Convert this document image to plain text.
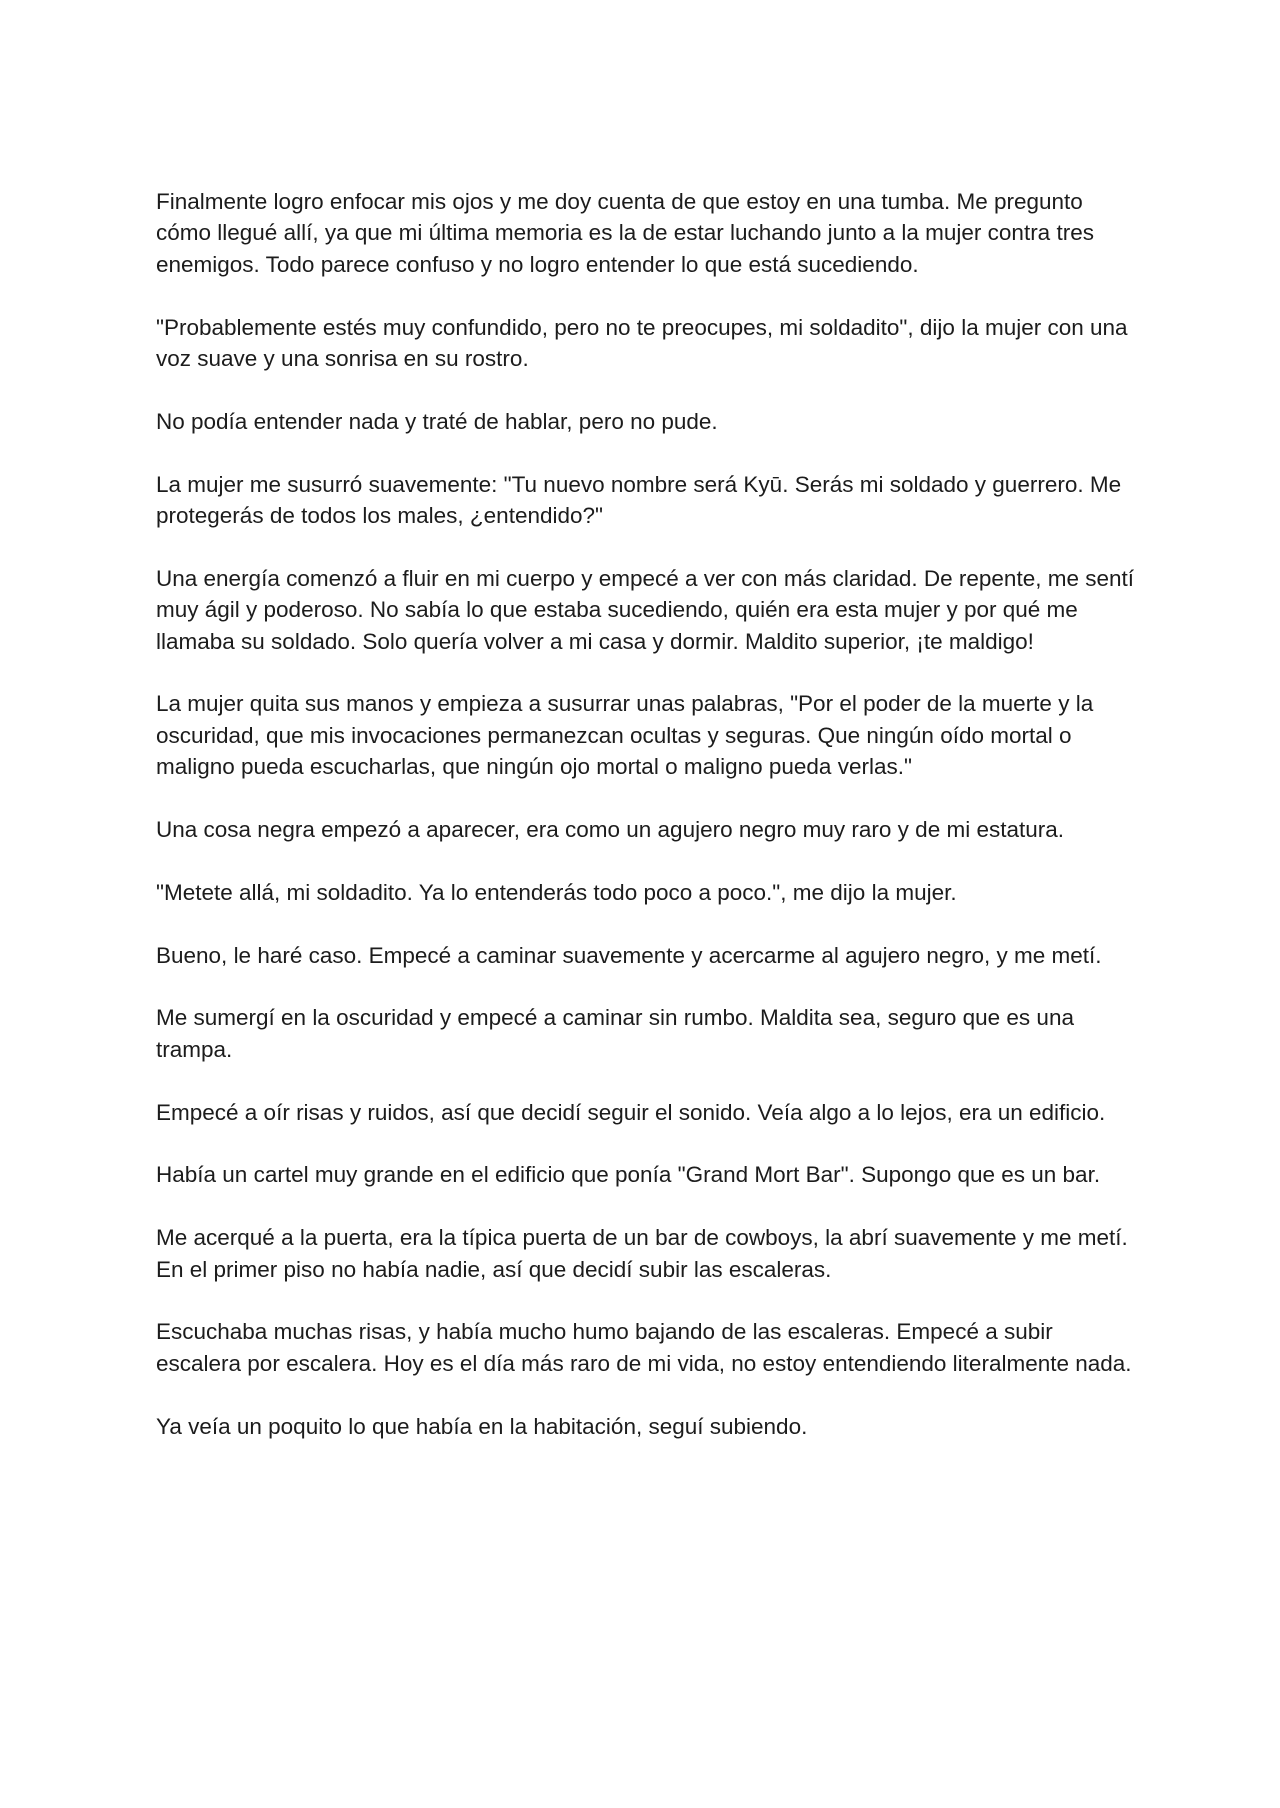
Finalmente logro enfocar mis ojos y me doy cuenta de que estoy en una tumba. Me pregunto cómo llegué allí, ya que mi última memoria es la de estar luchando junto a la mujer contra tres enemigos. Todo parece confuso y no logro entender lo que está sucediendo.

"Probablemente estés muy confundido, pero no te preocupes, mi soldadito", dijo la mujer con una voz suave y una sonrisa en su rostro.

No podía entender nada y traté de hablar, pero no pude.

La mujer me susurró suavemente: "Tu nuevo nombre será Kyū. Serás mi soldado y guerrero. Me protegerás de todos los males, ¿entendido?"

Una energía comenzó a fluir en mi cuerpo y empecé a ver con más claridad. De repente, me sentí muy ágil y poderoso. No sabía lo que estaba sucediendo, quién era esta mujer y por qué me llamaba su soldado. Solo quería volver a mi casa y dormir. Maldito superior, ¡te maldigo!

La mujer quita sus manos y empieza a susurrar unas palabras, "Por el poder de la muerte y la oscuridad, que mis invocaciones permanezcan ocultas y seguras. Que ningún oído mortal o maligno pueda escucharlas, que ningún ojo mortal o maligno pueda verlas."

Una cosa negra empezó a aparecer, era como un agujero negro muy raro y de mi estatura.

"Metete allá, mi soldadito. Ya lo entenderás todo poco a poco.", me dijo la mujer.

Bueno, le haré caso. Empecé a caminar suavemente y acercarme al agujero negro, y me metí.

Me sumergí en la oscuridad y empecé a caminar sin rumbo. Maldita sea, seguro que es una trampa.

Empecé a oír risas y ruidos, así que decidí seguir el sonido. Veía algo a lo lejos, era un edificio.

Había un cartel muy grande en el edificio que ponía "Grand Mort Bar". Supongo que es un bar.

Me acerqué a la puerta, era la típica puerta de un bar de cowboys, la abrí suavemente y me metí. En el primer piso no había nadie, así que decidí subir las escaleras.

Escuchaba muchas risas, y había mucho humo bajando de las escaleras. Empecé a subir escalera por escalera. Hoy es el día más raro de mi vida, no estoy entendiendo literalmente nada.

Ya veía un poquito lo que había en la habitación, seguí subiendo.
